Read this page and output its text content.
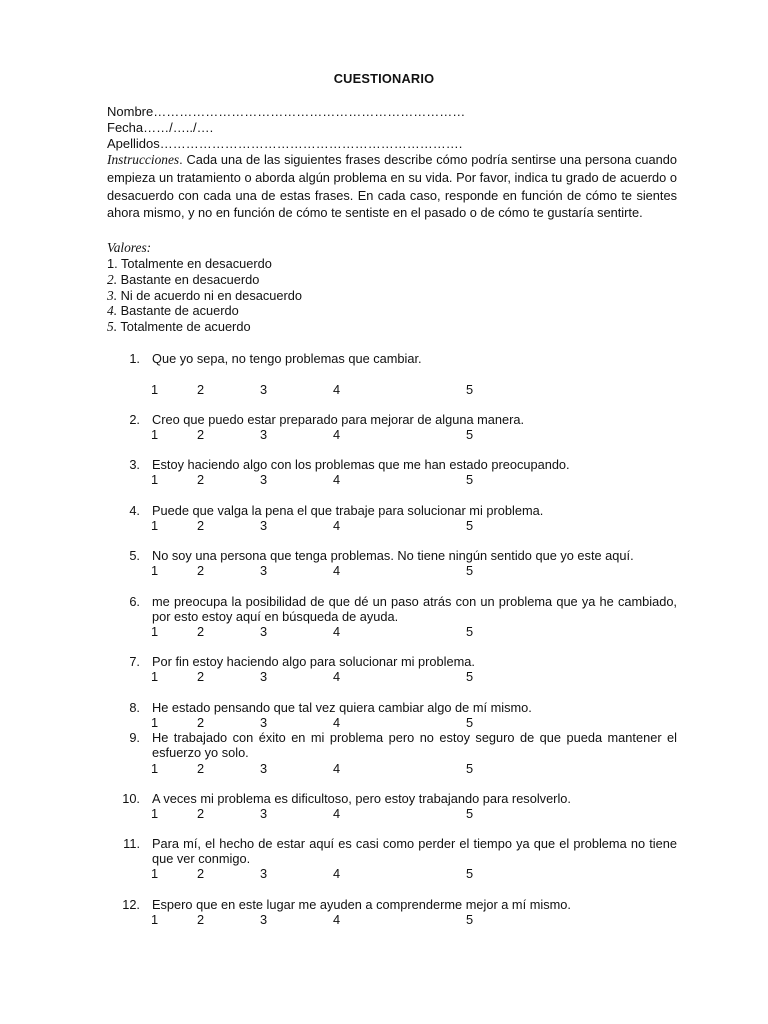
CUESTIONARIO
Nombre………………………………………………………………
Fecha……/…../….
Apellidos…………………………………………………………….
Instrucciones. Cada una de las siguientes frases describe cómo podría sentirse una persona cuando empieza un tratamiento o aborda algún problema en su vida. Por favor, indica tu grado de acuerdo o desacuerdo con cada una de estas frases. En cada caso, responde en función de cómo te sientes ahora mismo, y no en función de cómo te sentiste en el pasado o de cómo te gustaría sentirte.
Valores:
1. Totalmente en desacuerdo
2. Bastante en desacuerdo
3. Ni de acuerdo ni en desacuerdo
4. Bastante de acuerdo
5. Totalmente de acuerdo
1. Que yo sepa, no tengo problemas que cambiar.
1	2	3	4	5
2. Creo que puedo estar preparado para mejorar de alguna manera.
1	2	3	4	5
3. Estoy haciendo algo con los problemas que me han estado preocupando.
1	2	3	4	5
4. Puede que valga la pena el que trabaje para solucionar mi problema.
1	2	3	4	5
5. No soy una persona que tenga problemas. No tiene ningún sentido que yo este aquí.
1	2	3	4	5
6. me preocupa la posibilidad de que dé un paso atrás con un problema que ya he cambiado, por esto estoy aquí en búsqueda de ayuda.
1	2	3	4	5
7. Por fin estoy haciendo algo para solucionar mi problema.
1	2	3	4	5
8. He estado pensando que tal vez quiera cambiar algo de mí mismo.
1	2	3	4	5
9. He trabajado con éxito en mi problema pero no estoy seguro de que pueda mantener el esfuerzo yo solo.
1	2	3	4	5
10. A veces mi problema es dificultoso, pero estoy trabajando para resolverlo.
1	2	3	4	5
11. Para mí, el hecho de estar aquí es casi como perder el tiempo ya que el problema no tiene que ver conmigo.
1	2	3	4	5
12. Espero que en este lugar me ayuden a comprenderme mejor a mí mismo.
1	2	3	4	5
